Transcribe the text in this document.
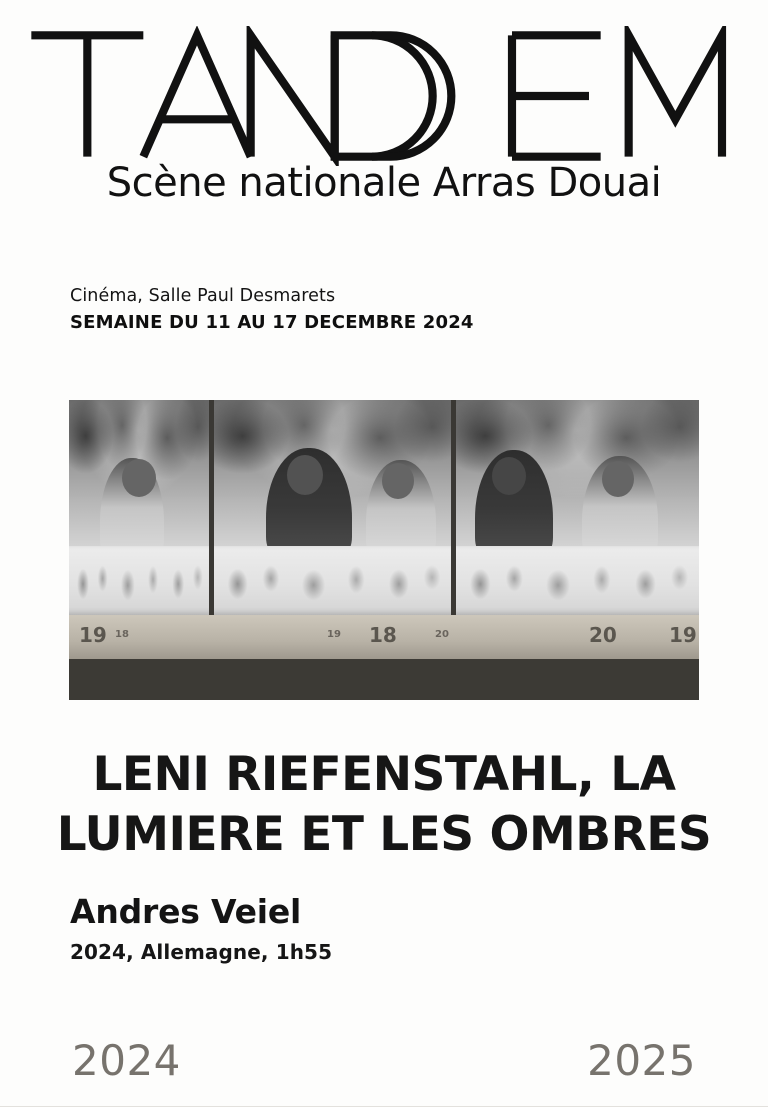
Scène nationale Arras Douai
Cinéma, Salle Paul Desmarets
SEMAINE DU 11 AU 17 DECEMBRE 2024
19 18	19 18	20	20	19
LENI RIEFENSTAHL, LA
LUMIERE ET LES OMBRES
Andres Veiel
2024, Allemagne, 1h55
2024	2025
